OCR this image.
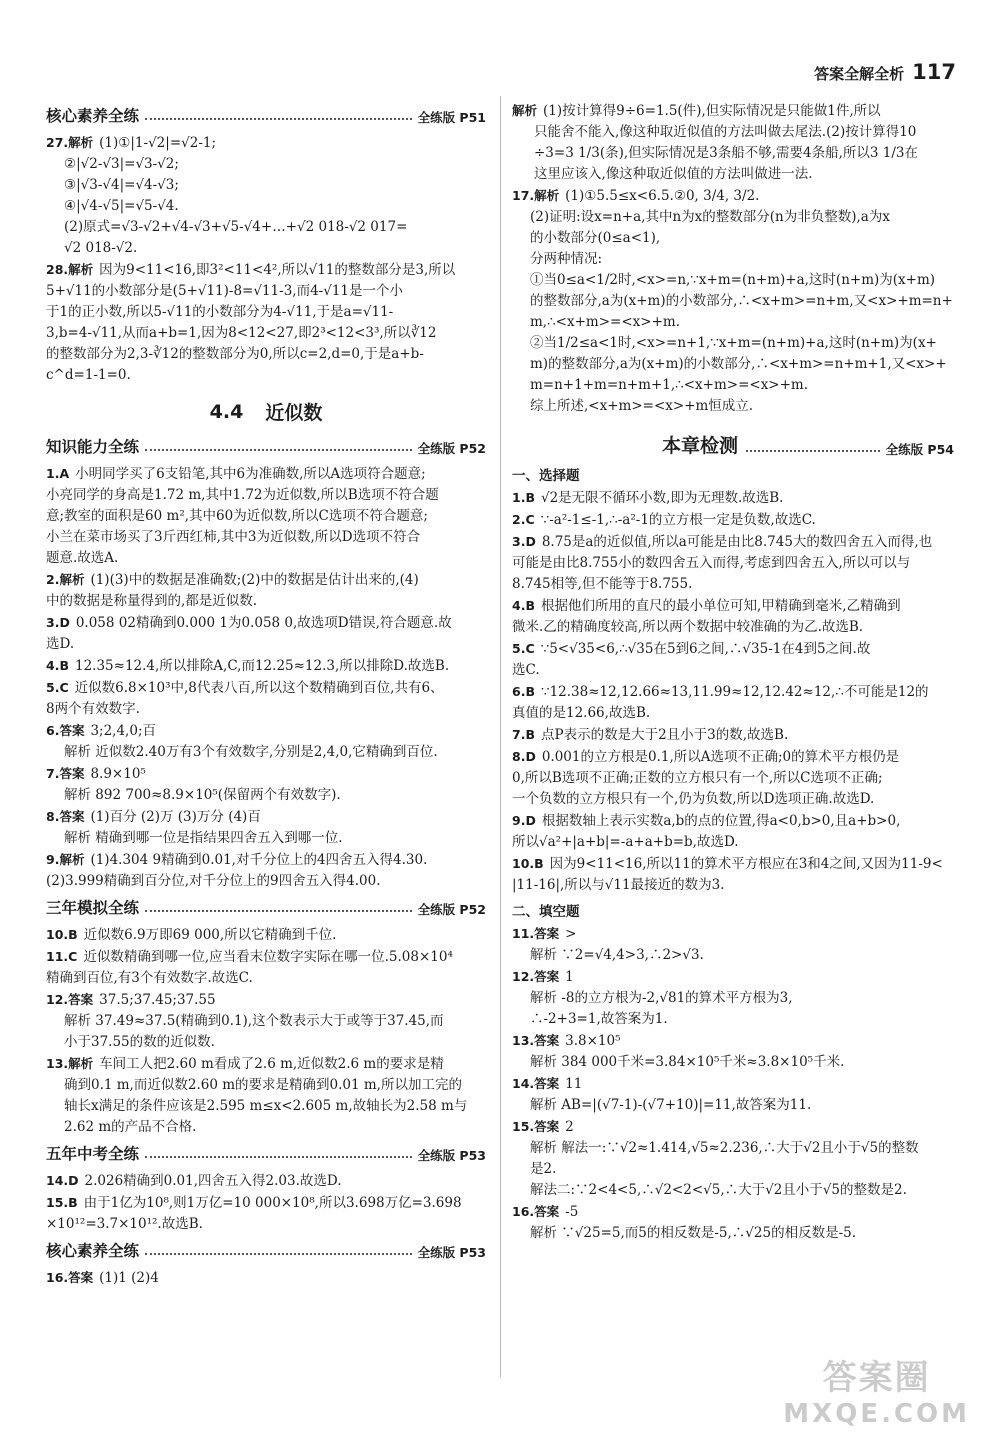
答案全解全析 117
核心素养全练	全练版 P51
27.解析 (1)①|1-√2|=√2-1;
②|√2-√3|=√3-√2;
③|√3-√4|=√4-√3;
④|√4-√5|=√5-√4.
(2)原式=√3-√2+√4-√3+√5-√4+…+√2 018-√2 017=
√2 018-√2.
28.解析 因为9<11<16,即3²<11<4²,所以√11的整数部分是3,所以
5+√11的小数部分是(5+√11)-8=√11-3,而4-√11是一个小
于1的正小数,所以5-√11的小数部分为4-√11,于是a=√11-
3,b=4-√11,从而a+b=1,因为8<12<27,即2³<12<3³,所以∛12
的整数部分为2,3-∛12的整数部分为0,所以c=2,d=0,于是a+b-
c^d=1-1=0.
4.4 近似数
知识能力全练	全练版 P52
1.A 小明同学买了6支铅笔,其中6为准确数,所以A选项符合题意;
小亮同学的身高是1.72 m,其中1.72为近似数,所以B选项不符合题
意;教室的面积是60 m²,其中60为近似数,所以C选项不符合题意;
小兰在菜市场买了3斤西红柿,其中3为近似数,所以D选项不符合
题意.故选A.
2.解析 (1)(3)中的数据是准确数;(2)中的数据是估计出来的,(4)
中的数据是称量得到的,都是近似数.
3.D 0.058 02精确到0.000 1为0.058 0,故选项D错误,符合题意.故
选D.
4.B 12.35≈12.4,所以排除A,C,而12.25≈12.3,所以排除D.故选B.
5.C 近似数6.8×10³中,8代表八百,所以这个数精确到百位,共有6、
8两个有效数字.
6.答案 3;2,4,0;百
解析 近似数2.40万有3个有效数字,分别是2,4,0,它精确到百位.
7.答案 8.9×10⁵
解析 892 700≈8.9×10⁵(保留两个有效数字).
8.答案 (1)百分 (2)万 (3)万分 (4)百
解析 精确到哪一位是指结果四舍五入到哪一位.
9.解析 (1)4.304 9精确到0.01,对千分位上的4四舍五入得4.30.
(2)3.999精确到百分位,对千分位上的9四舍五入得4.00.
三年模拟全练	全练版 P52
10.B 近似数6.9万即69 000,所以它精确到千位.
11.C 近似数精确到哪一位,应当看末位数字实际在哪一位.5.08×10⁴
精确到百位,有3个有效数字.故选C.
12.答案 37.5;37.45;37.55
解析 37.49≈37.5(精确到0.1),这个数表示大于或等于37.45,而
小于37.55的数的近似数.
13.解析 车间工人把2.60 m看成了2.6 m,近似数2.6 m的要求是精
确到0.1 m,而近似数2.60 m的要求是精确到0.01 m,所以加工完的
轴长x满足的条件应该是2.595 m≤x<2.605 m,故轴长为2.58 m与
2.62 m的产品不合格.
五年中考全练	全练版 P53
14.D 2.026精确到0.01,四舍五入得2.03.故选D.
15.B 由于1亿为10⁸,则1万亿=10 000×10⁸,所以3.698万亿=3.698
×10¹²=3.7×10¹².故选B.
核心素养全练	全练版 P53
16.答案 (1)1 (2)4
解析 (1)按计算得9÷6=1.5(件),但实际情况是只能做1件,所以
只能舍不能入,像这种取近似值的方法叫做去尾法.(2)按计算得10
÷3=3 1/3(条),但实际情况是3条船不够,需要4条船,所以3 1/3在
这里应该入,像这种取近似值的方法叫做进一法.
17.解析 (1)①5.5≤x<6.5.②0, 3/4, 3/2.
(2)证明:设x=n+a,其中n为x的整数部分(n为非负整数),a为x
的小数部分(0≤a<1),
分两种情况:
①当0≤a<1/2时,<x>=n,∵x+m=(n+m)+a,这时(n+m)为(x+m)
的整数部分,a为(x+m)的小数部分,∴<x+m>=n+m,又<x>+m=n+
m,∴<x+m>=<x>+m.
②当1/2≤a<1时,<x>=n+1,∵x+m=(n+m)+a,这时(n+m)为(x+
m)的整数部分,a为(x+m)的小数部分,∴<x+m>=n+m+1,又<x>+
m=n+1+m=n+m+1,∴<x+m>=<x>+m.
综上所述,<x+m>=<x>+m恒成立.
本章检测	全练版 P54
一、选择题
1.B √2是无限不循环小数,即为无理数.故选B.
2.C ∵-a²-1≤-1,∴-a²-1的立方根一定是负数,故选C.
3.D 8.75是a的近似值,所以a可能是由比8.745大的数四舍五入而得,也
可能是由比8.755小的数四舍五入而得,考虑到四舍五入,所以可以与
8.745相等,但不能等于8.755.
4.B 根据他们所用的直尺的最小单位可知,甲精确到毫米,乙精确到
微米.乙的精确度较高,所以两个数据中较准确的为乙.故选B.
5.C ∵5<√35<6,∴√35在5到6之间,∴√35-1在4到5之间.故
选C.
6.B ∵12.38≈12,12.66≈13,11.99≈12,12.42≈12,∴不可能是12的
真值的是12.66,故选B.
7.B 点P表示的数是大于2且小于3的数,故选B.
8.D 0.001的立方根是0.1,所以A选项不正确;0的算术平方根仍是
0,所以B选项不正确;正数的立方根只有一个,所以C选项不正确;
一个负数的立方根只有一个,仍为负数,所以D选项正确.故选D.
9.D 根据数轴上表示实数a,b的点的位置,得a<0,b>0,且a+b>0,
所以√a²+|a+b|=-a+a+b=b,故选D.
10.B 因为9<11<16,所以11的算术平方根应在3和4之间,又因为11-9<
|11-16|,所以与√11最接近的数为3.
二、填空题
11.答案 >
解析 ∵2=√4,4>3,∴2>√3.
12.答案 1
解析 -8的立方根为-2,√81的算术平方根为3,
∴-2+3=1,故答案为1.
13.答案 3.8×10⁵
解析 384 000千米=3.84×10⁵千米≈3.8×10⁵千米.
14.答案 11
解析 AB=|(√7-1)-(√7+10)|=11,故答案为11.
15.答案 2
解析 解法一:∵√2≈1.414,√5≈2.236,∴大于√2且小于√5的整数
是2.
解法二:∵2<4<5,∴√2<2<√5,∴大于√2且小于√5的整数是2.
16.答案 -5
解析 ∵√25=5,而5的相反数是-5,∴√25的相反数是-5.
答案圈
MXQE.COM
